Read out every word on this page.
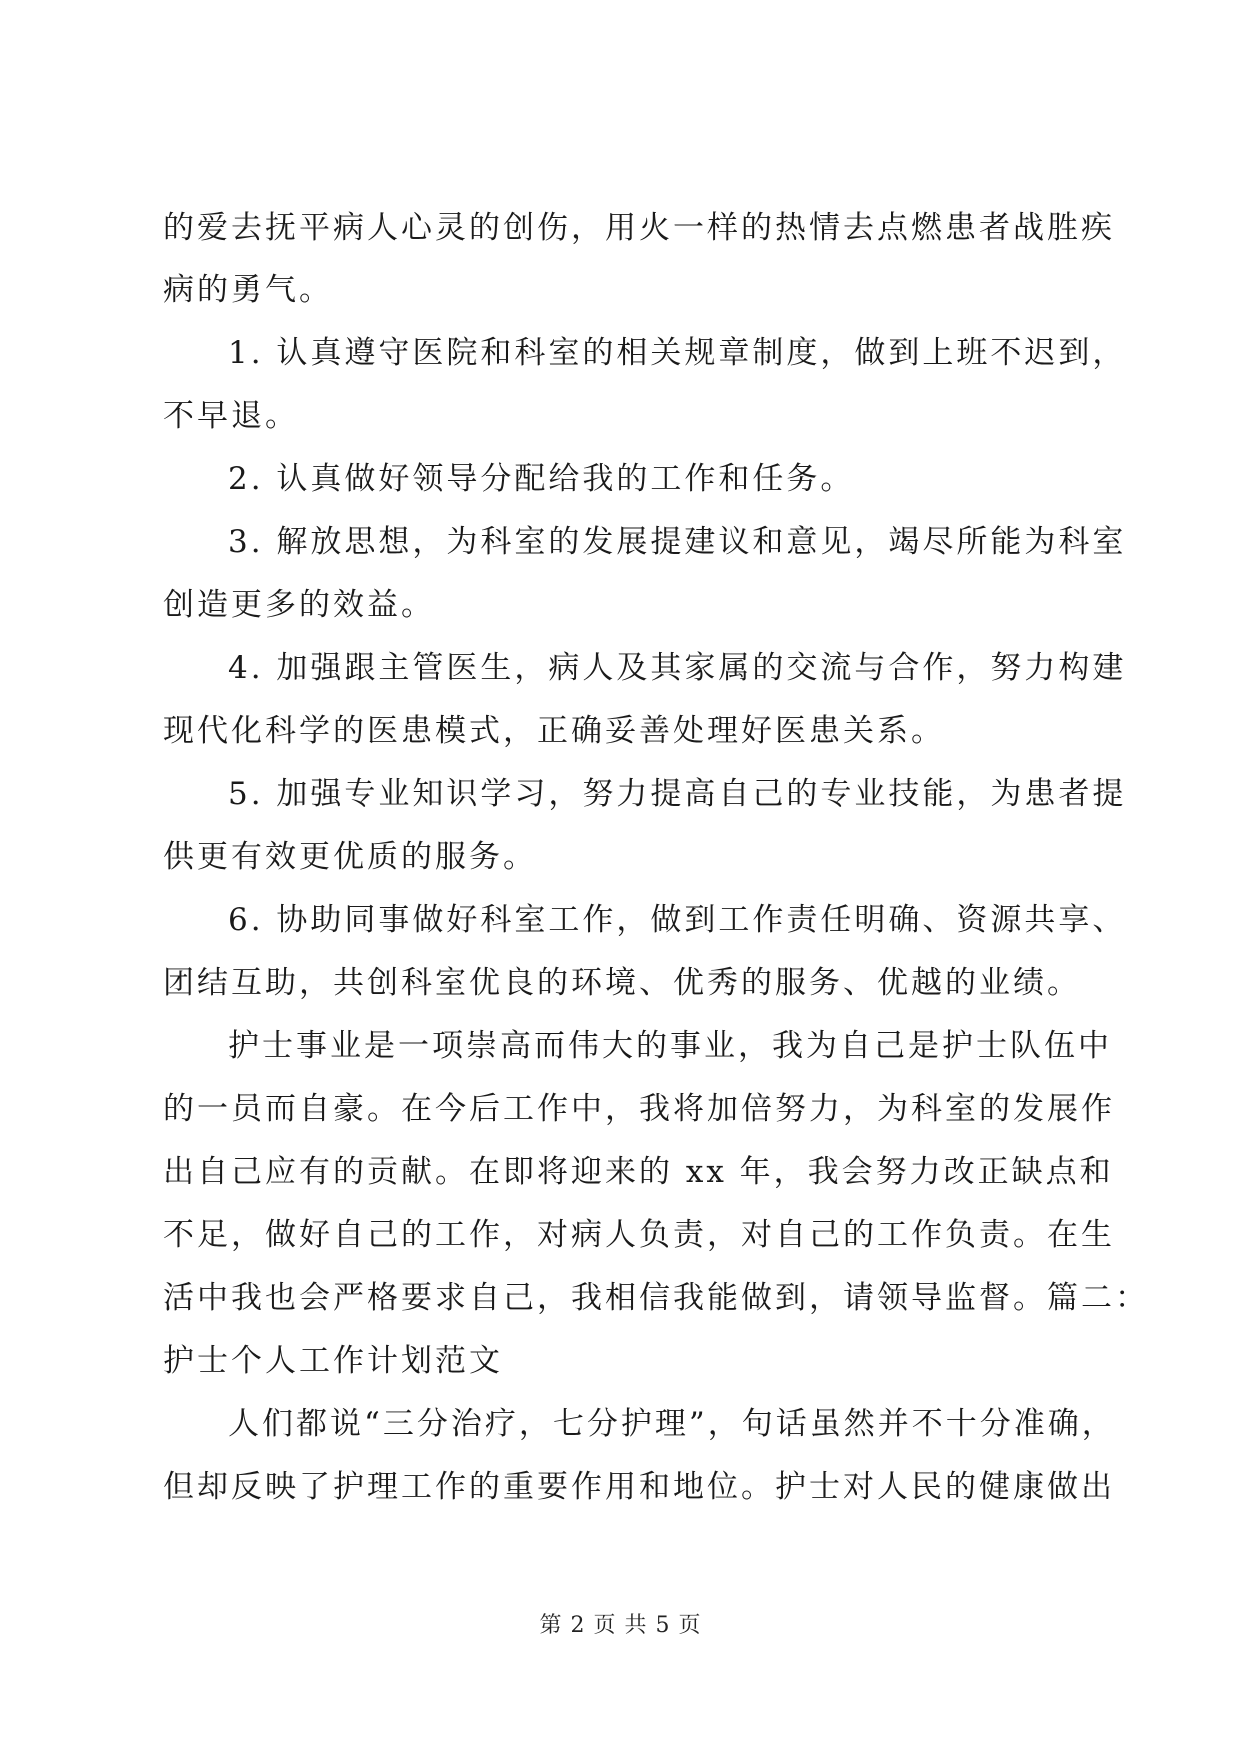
的爱去抚平病人心灵的创伤，用火一样的热情去点燃患者战胜疾
病的勇气。
1. 认真遵守医院和科室的相关规章制度，做到上班不迟到，
不早退。
2. 认真做好领导分配给我的工作和任务。
3. 解放思想，为科室的发展提建议和意见，竭尽所能为科室
创造更多的效益。
4. 加强跟主管医生，病人及其家属的交流与合作，努力构建
现代化科学的医患模式，正确妥善处理好医患关系。
5. 加强专业知识学习，努力提高自己的专业技能，为患者提
供更有效更优质的服务。
6. 协助同事做好科室工作，做到工作责任明确、资源共享、
团结互助，共创科室优良的环境、优秀的服务、优越的业绩。
护士事业是一项崇高而伟大的事业，我为自己是护士队伍中
的一员而自豪。在今后工作中，我将加倍努力，为科室的发展作
出自己应有的贡献。在即将迎来的 xx 年，我会努力改正缺点和
不足，做好自己的工作，对病人负责，对自己的工作负责。在生
活中我也会严格要求自己，我相信我能做到，请领导监督。篇二：
护士个人工作计划范文
人们都说“三分治疗，七分护理”，句话虽然并不十分准确，
但却反映了护理工作的重要作用和地位。护士对人民的健康做出
第 2 页 共 5 页
